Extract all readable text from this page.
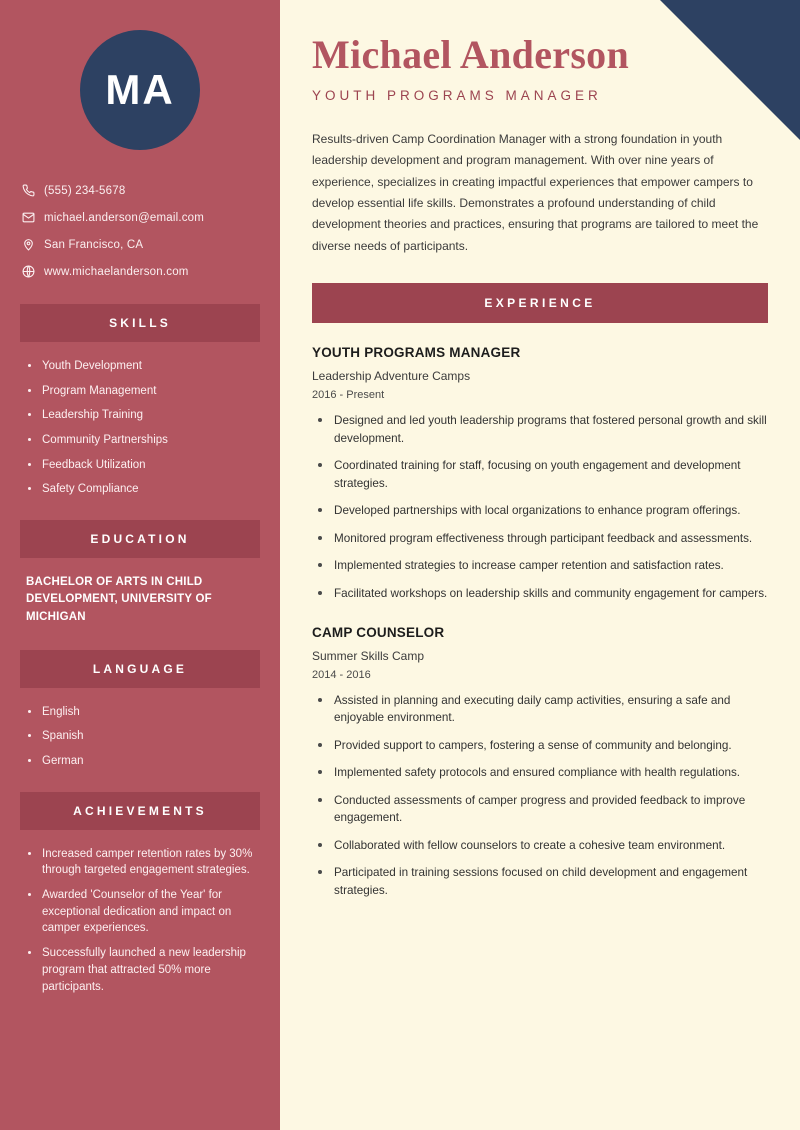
MA
(555) 234-5678
michael.anderson@email.com
San Francisco, CA
www.michaelanderson.com
SKILLS
Youth Development
Program Management
Leadership Training
Community Partnerships
Feedback Utilization
Safety Compliance
EDUCATION
BACHELOR OF ARTS IN CHILD DEVELOPMENT, UNIVERSITY OF MICHIGAN
LANGUAGE
English
Spanish
German
ACHIEVEMENTS
Increased camper retention rates by 30% through targeted engagement strategies.
Awarded 'Counselor of the Year' for exceptional dedication and impact on camper experiences.
Successfully launched a new leadership program that attracted 50% more participants.
Michael Anderson
YOUTH PROGRAMS MANAGER

Results-driven Camp Coordination Manager with a strong foundation in youth leadership development and program management. With over nine years of experience, specializes in creating impactful experiences that empower campers to develop essential life skills. Demonstrates a profound understanding of child development theories and practices, ensuring that programs are tailored to meet the diverse needs of participants.

EXPERIENCE
YOUTH PROGRAMS MANAGER
Leadership Adventure Camps
2016 - Present
Designed and led youth leadership programs that fostered personal growth and skill development.
Coordinated training for staff, focusing on youth engagement and development strategies.
Developed partnerships with local organizations to enhance program offerings.
Monitored program effectiveness through participant feedback and assessments.
Implemented strategies to increase camper retention and satisfaction rates.
Facilitated workshops on leadership skills and community engagement for campers.
CAMP COUNSELOR
Summer Skills Camp
2014 - 2016
Assisted in planning and executing daily camp activities, ensuring a safe and enjoyable environment.
Provided support to campers, fostering a sense of community and belonging.
Implemented safety protocols and ensured compliance with health regulations.
Conducted assessments of camper progress and provided feedback to improve engagement.
Collaborated with fellow counselors to create a cohesive team environment.
Participated in training sessions focused on child development and engagement strategies.
